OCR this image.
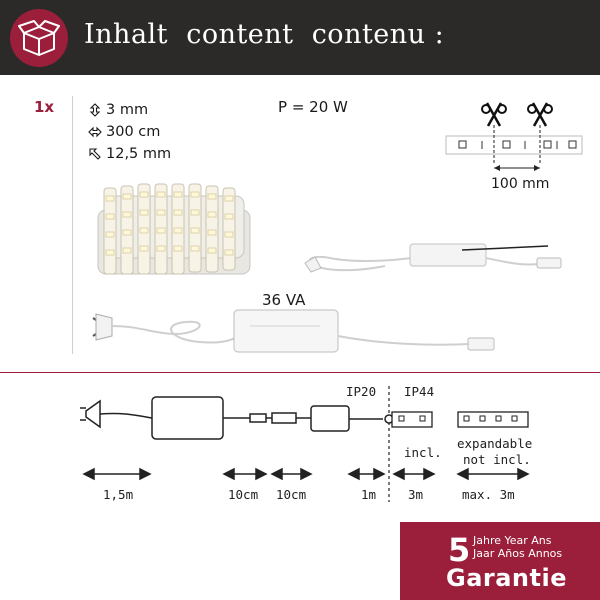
Inhalt  content  contenu :
1x	3 mm
300 cm
12,5 mm
P = 20 W
36 VA
100 mm
IP20 IP44
incl.
expandable
not incl.
1,5m	10cm 10cm	1m	3m	max. 3m
5 Jahre Year Ans
Jaar Años Annos
Garantie
